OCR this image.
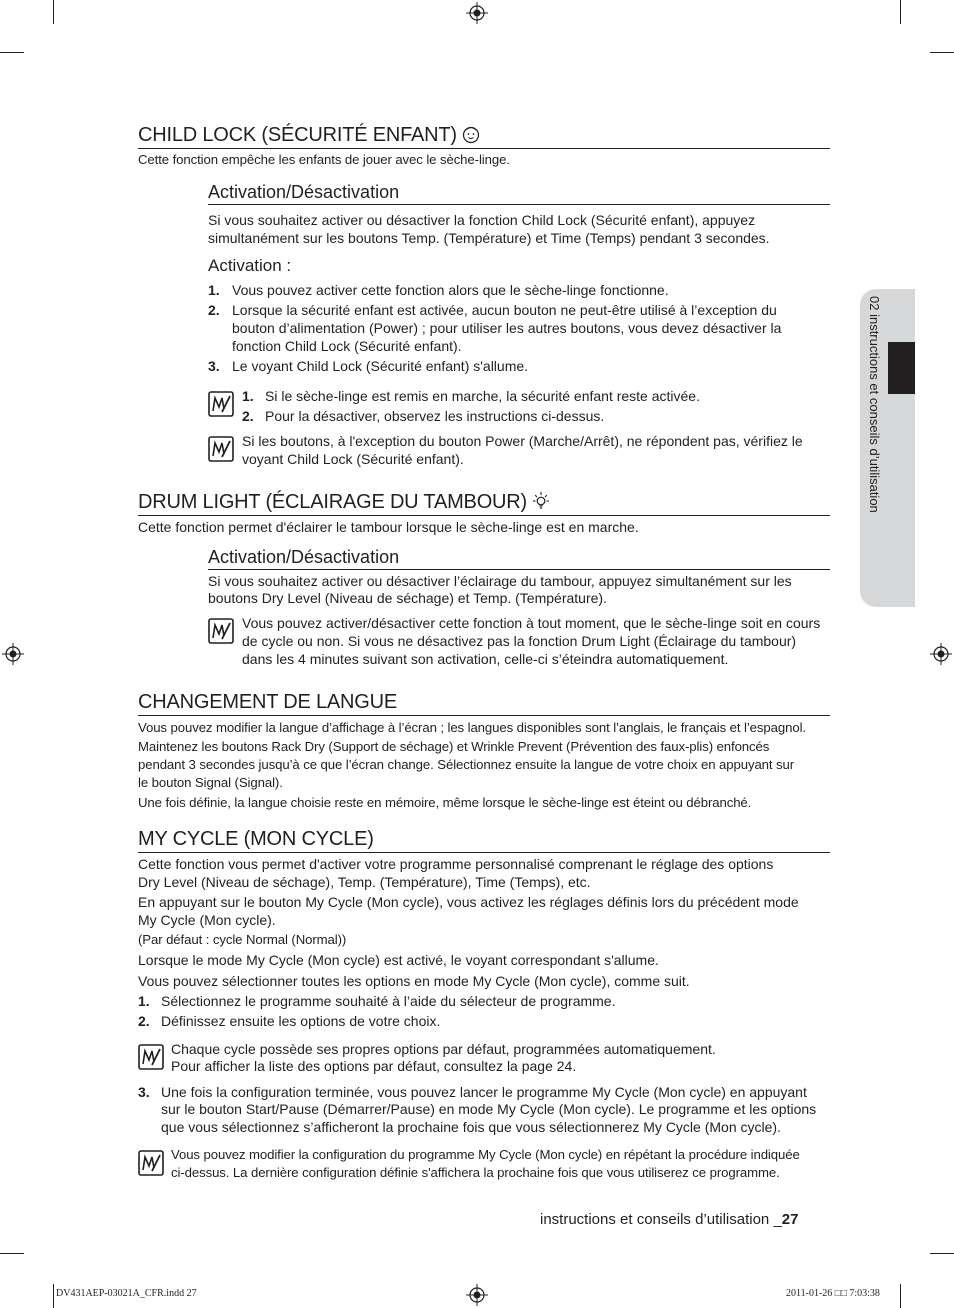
02 instructions et conseils d’utilisation
CHILD LOCK (SÉCURITÉ ENFANT)
Cette fonction empêche les enfants de jouer avec le sèche-linge.
Activation/Désactivation
Si vous souhaitez activer ou désactiver la fonction Child Lock (Sécurité enfant), appuyez
simultanément sur les boutons Temp. (Température) et Time (Temps) pendant 3 secondes.
Activation :
1. Vous pouvez activer cette fonction alors que le sèche-linge fonctionne.
2. Lorsque la sécurité enfant est activée, aucun bouton ne peut-être utilisé à l’exception du
bouton d’alimentation (Power) ; pour utiliser les autres boutons, vous devez désactiver la
fonction Child Lock (Sécurité enfant).
3. Le voyant Child Lock (Sécurité enfant) s'allume.
1. Si le sèche-linge est remis en marche, la sécurité enfant reste activée.
2. Pour la désactiver, observez les instructions ci-dessus.
Si les boutons, à l'exception du bouton Power (Marche/Arrêt), ne répondent pas, vérifiez le
voyant Child Lock (Sécurité enfant).
DRUM LIGHT (ÉCLAIRAGE DU TAMBOUR)
Cette fonction permet d'éclairer le tambour lorsque le sèche-linge est en marche.
Activation/Désactivation
Si vous souhaitez activer ou désactiver l’éclairage du tambour, appuyez simultanément sur les
boutons Dry Level (Niveau de séchage) et Temp. (Température).
Vous pouvez activer/désactiver cette fonction à tout moment, que le sèche-linge soit en cours
de cycle ou non. Si vous ne désactivez pas la fonction Drum Light (Éclairage du tambour)
dans les 4 minutes suivant son activation, celle-ci s’éteindra automatiquement.
CHANGEMENT DE LANGUE
Vous pouvez modifier la langue d’affichage à l’écran ; les langues disponibles sont l’anglais, le français et l’espagnol.
Maintenez les boutons Rack Dry (Support de séchage) et Wrinkle Prevent (Prévention des faux-plis) enfoncés
pendant 3 secondes jusqu’à ce que l’écran change. Sélectionnez ensuite la langue de votre choix en appuyant sur
le bouton Signal (Signal).
Une fois définie, la langue choisie reste en mémoire, même lorsque le sèche-linge est éteint ou débranché.
MY CYCLE (MON CYCLE)
Cette fonction vous permet d'activer votre programme personnalisé comprenant le réglage des options
Dry Level (Niveau de séchage), Temp. (Température), Time (Temps), etc.
En appuyant sur le bouton My Cycle (Mon cycle), vous activez les réglages définis lors du précédent mode
My Cycle (Mon cycle).
(Par défaut : cycle Normal (Normal))
Lorsque le mode My Cycle (Mon cycle) est activé, le voyant correspondant s'allume.
Vous pouvez sélectionner toutes les options en mode My Cycle (Mon cycle), comme suit.
1. Sélectionnez le programme souhaité à l’aide du sélecteur de programme.
2. Définissez ensuite les options de votre choix.
Chaque cycle possède ses propres options par défaut, programmées automatiquement.
Pour afficher la liste des options par défaut, consultez la page 24.
3. Une fois la configuration terminée, vous pouvez lancer le programme My Cycle (Mon cycle) en appuyant
sur le bouton Start/Pause (Démarrer/Pause) en mode My Cycle (Mon cycle). Le programme et les options
que vous sélectionnez s’afficheront la prochaine fois que vous sélectionnerez My Cycle (Mon cycle).
Vous pouvez modifier la configuration du programme My Cycle (Mon cycle) en répétant la procédure indiquée
ci-dessus. La dernière configuration définie s'affichera la prochaine fois que vous utiliserez ce programme.
instructions et conseils d’utilisation _27
DV431AEP-03021A_CFR.indd 27	2011-01-26 □□ 7:03:38
